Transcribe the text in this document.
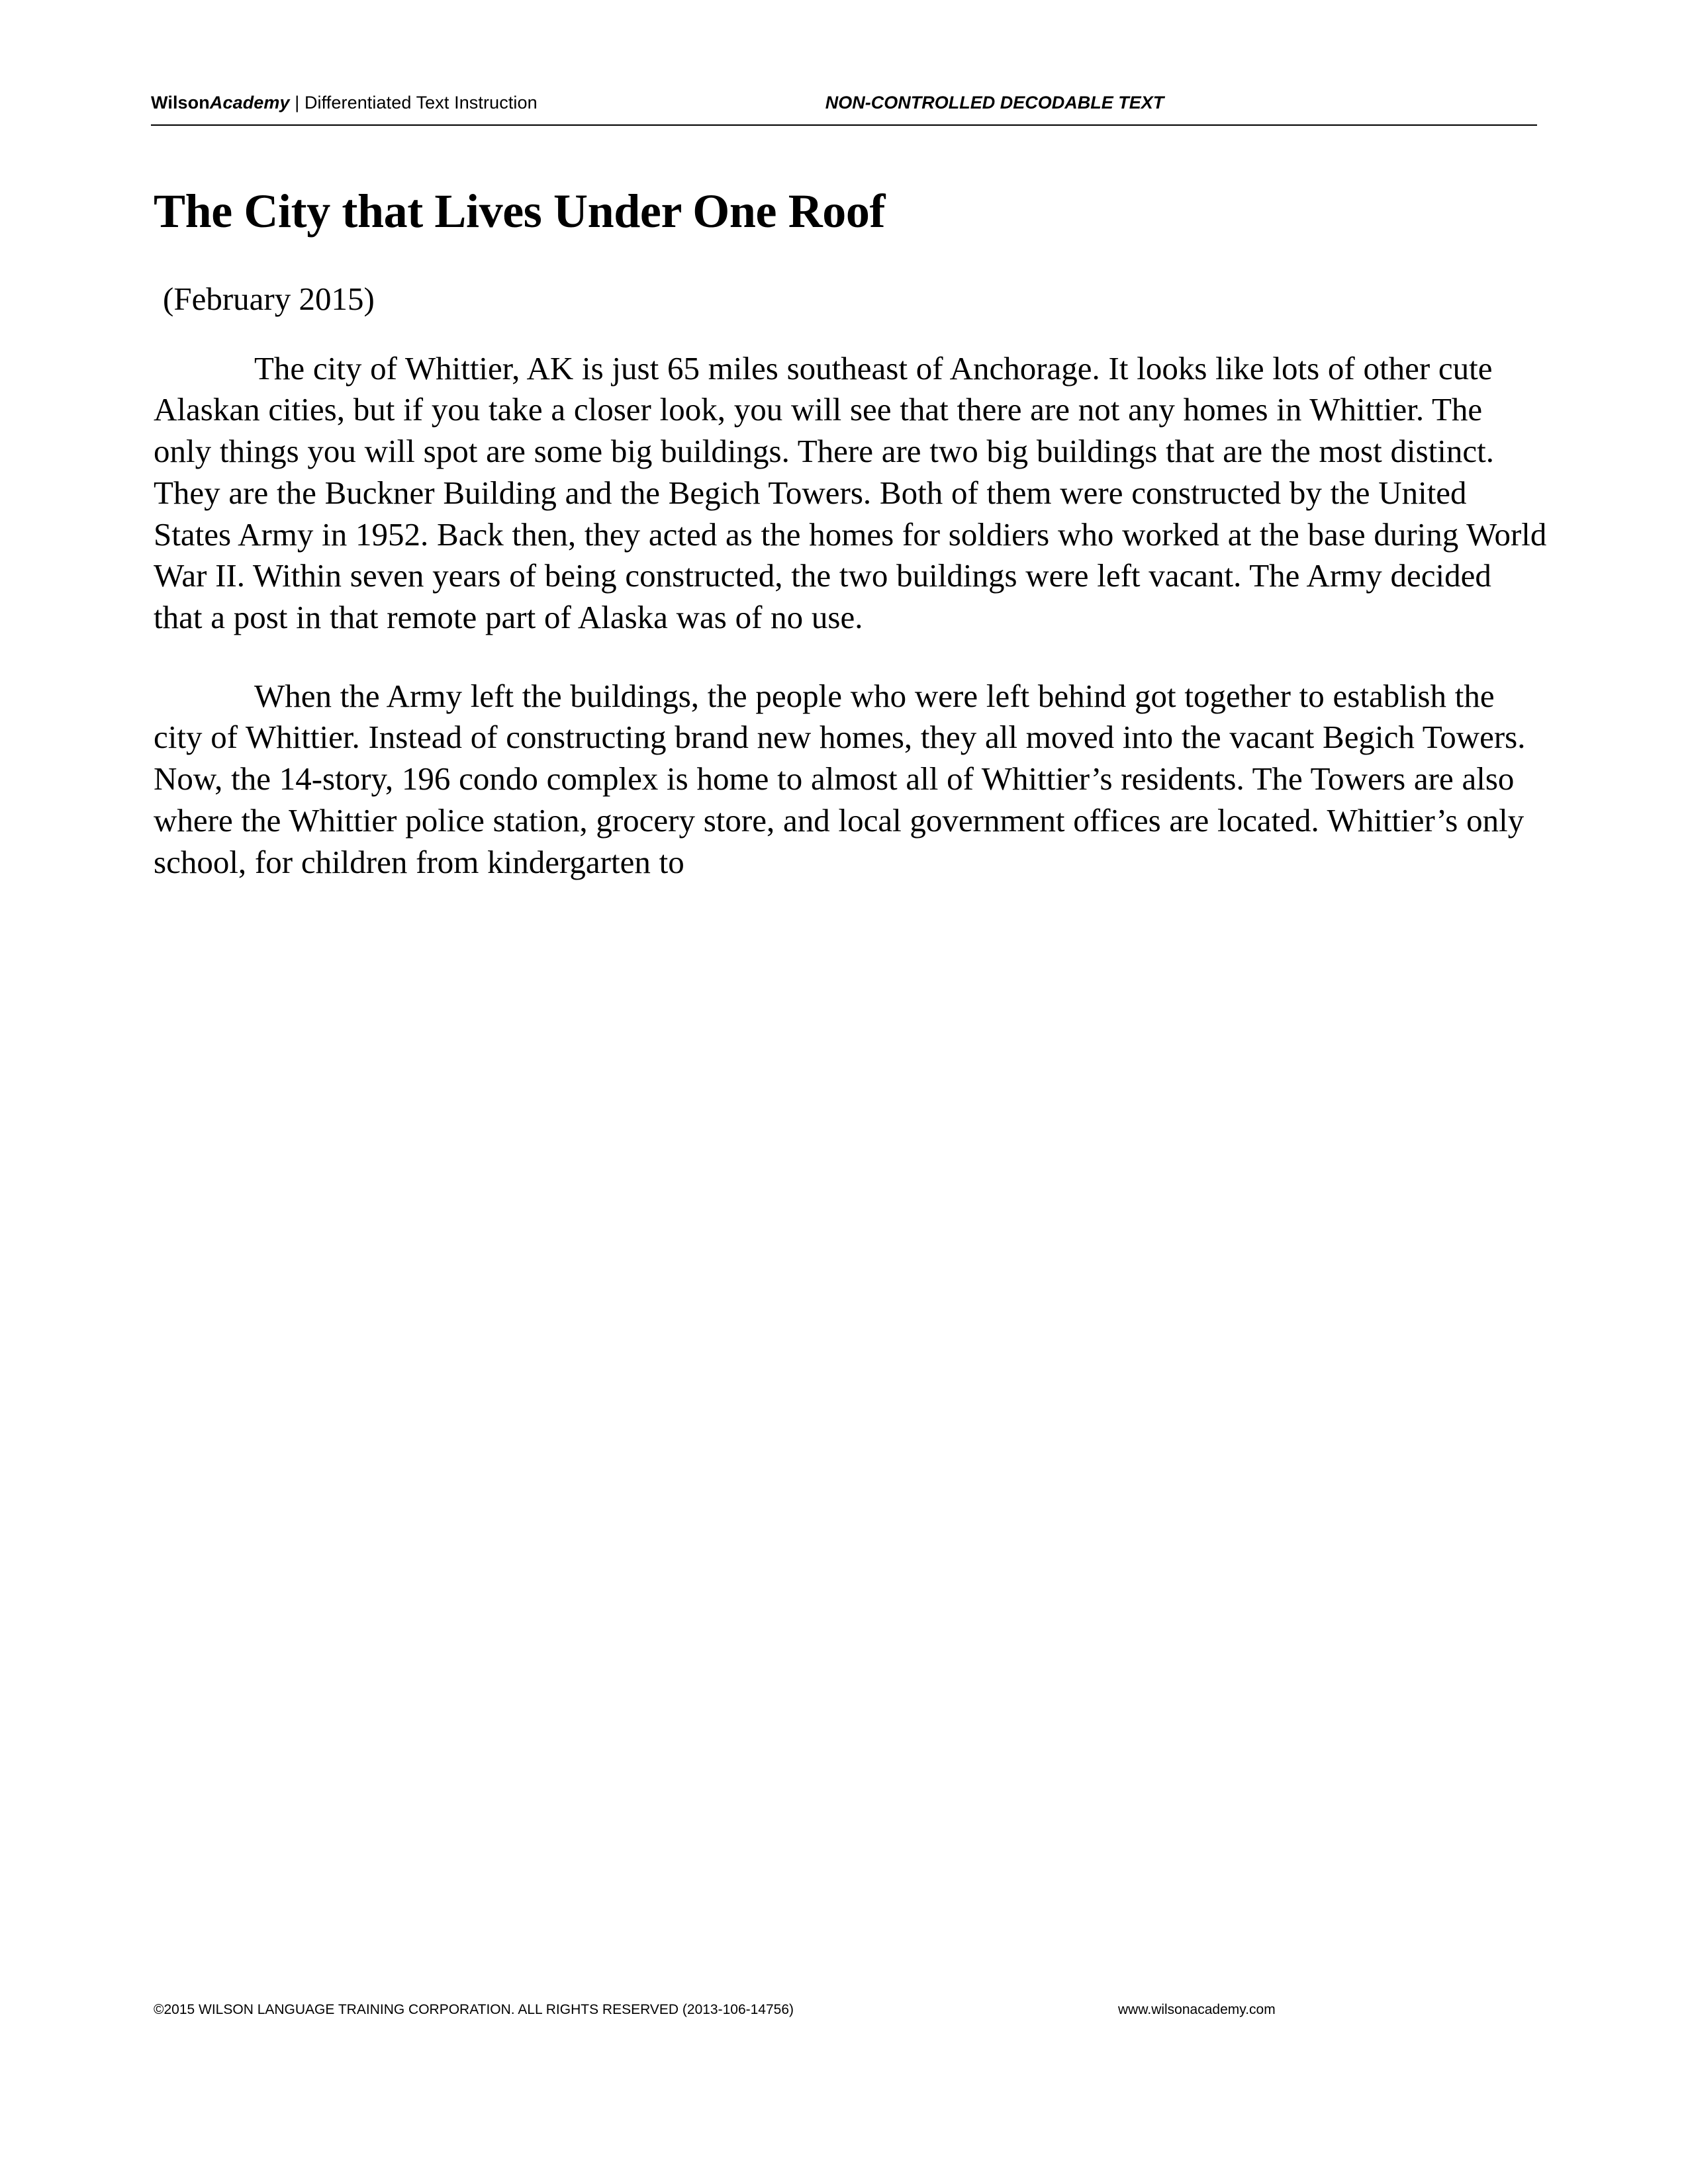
WilsonAcademy | Differentiated Text Instruction	NON-CONTROLLED DECODABLE TEXT
The City that Lives Under One Roof
(February 2015)

The city of Whittier, AK is just 65 miles southeast of Anchorage. It looks like lots of other cute Alaskan cities, but if you take a closer look, you will see that there are not any homes in Whittier. The only things you will spot are some big buildings. There are two big buildings that are the most distinct. They are the Buckner Building and the Begich Towers. Both of them were constructed by the United States Army in 1952. Back then, they acted as the homes for soldiers who worked at the base during World War II. Within seven years of being constructed, the two buildings were left vacant. The Army decided that a post in that remote part of Alaska was of no use.

When the Army left the buildings, the people who were left behind got together to establish the city of Whittier. Instead of constructing brand new homes, they all moved into the vacant Begich Towers. Now, the 14-story, 196 condo complex is home to almost all of Whittier’s residents. The Towers are also where the Whittier police station, grocery store, and local government offices are located. Whittier’s only school, for children from kindergarten to

©2015 WILSON LANGUAGE TRAINING CORPORATION. ALL RIGHTS RESERVED (2013-106-14756)	www.wilsonacademy.com
